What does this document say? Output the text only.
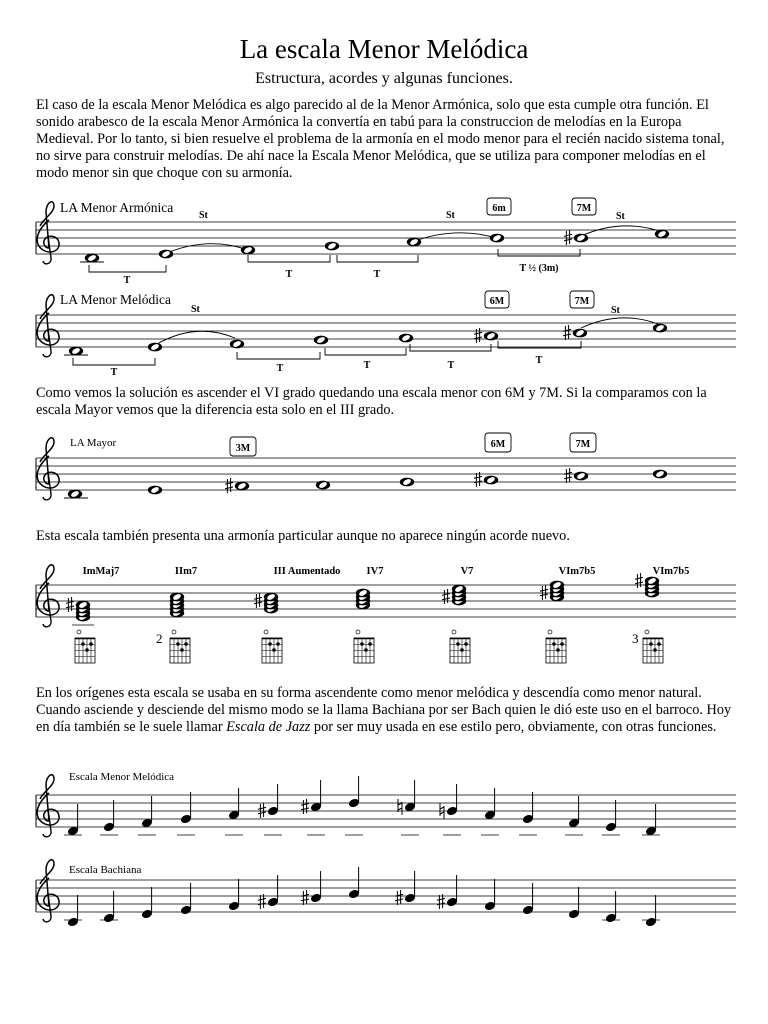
La escala Menor Melódica
Estructura, acordes y algunas funciones.

El caso de la escala Menor Melódica es algo parecido al de la Menor Armónica, solo que esta cumple otra función. El sonido arabesco de la escala Menor Armónica la convertía en tabú para la construccion de melodías en la Europa Medieval. Por lo tanto, si bien resuelve el problema de la armonía en el modo menor para el recién nacido sistema tonal, no sirve para construir melodías. De ahí nace la Escala Menor Melódica, que se utiliza para componer melodías en el modo menor sin que choque con su armonía.

Como vemos la solución es ascender el VI grado quedando una escala menor con 6M y 7M. Si la comparamos con la escala Mayor vemos que la diferencia esta solo en el III grado.

Esta escala también presenta una armonía particular aunque no aparece ningún acorde nuevo.

En los orígenes esta escala se usaba en su forma ascendente como menor melódica y descendía como menor natural. Cuando asciende y desciende del mismo modo se la llama Bachiana por ser Bach quien le dió este uso en el barroco. Hoy en día también se le suele llamar Escala de Jazz por ser muy usada en ese estilo pero, obviamente, con otras funciones.

LA Menor Armónica
St	St	St
6m	7M
T
T	T
T ½ (3m)
LA Menor Melódica
St	St
6M	7M
T	T	T	T	T
LA Mayor	3M	6M	7M
ImMaj7	IIm7	III Aumentado IV7	V7	VIm7b5	VIm7b5
2	3
Escala Menor Melódica
Escala Bachiana
